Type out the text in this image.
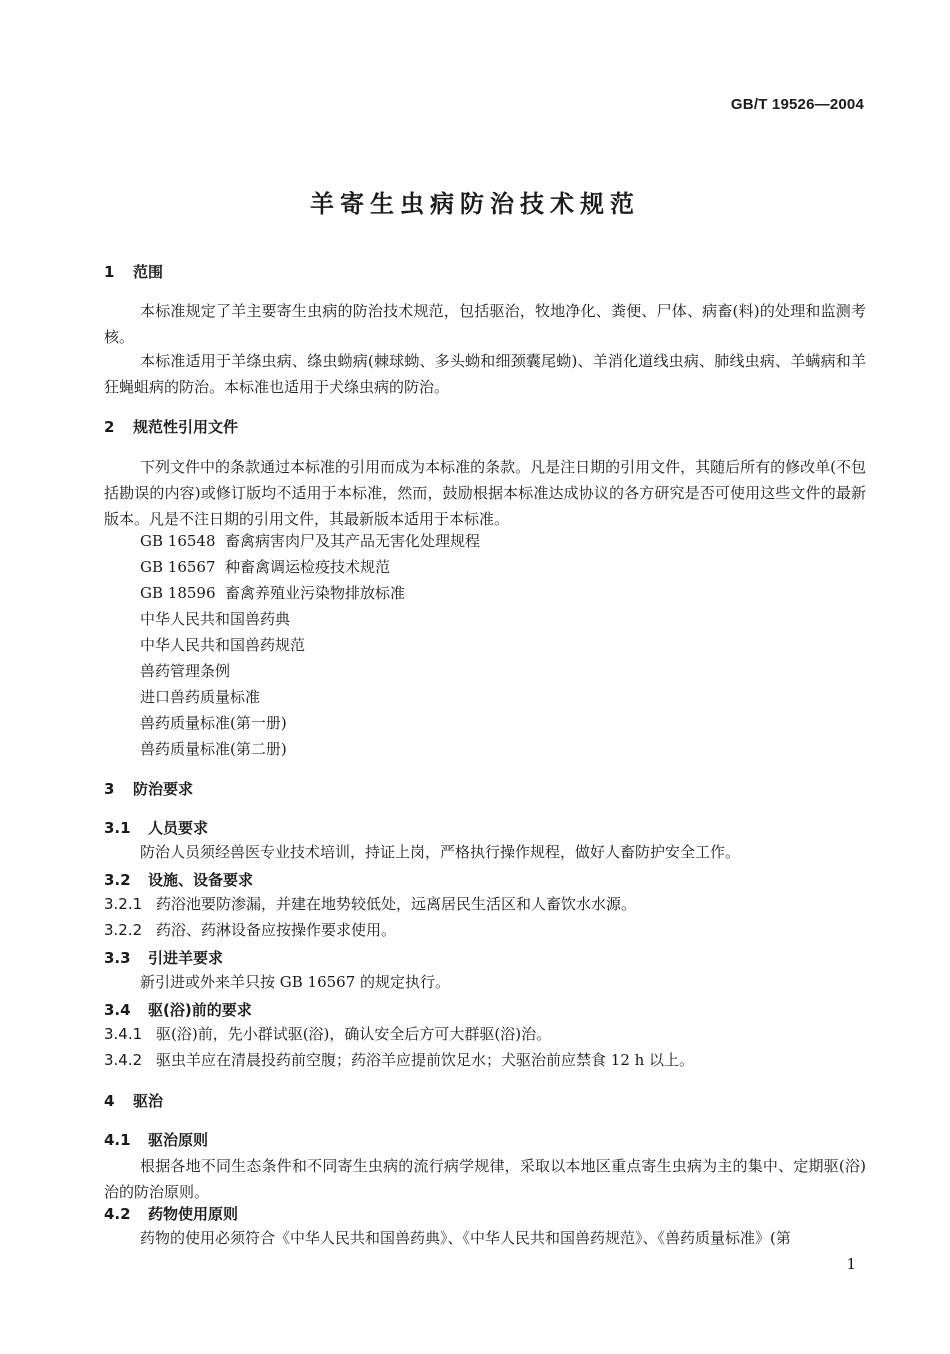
GB/T 19526—2004
羊寄生虫病防治技术规范
1 范围
本标准规定了羊主要寄生虫病的防治技术规范，包括驱治，牧地净化、粪便、尸体、病畜(料)的处理和监测考核。
本标准适用于羊绦虫病、绦虫蚴病(棘球蚴、多头蚴和细颈囊尾蚴)、羊消化道线虫病、肺线虫病、羊螨病和羊狂蝇蛆病的防治。本标准也适用于犬绦虫病的防治。
2 规范性引用文件
下列文件中的条款通过本标准的引用而成为本标准的条款。凡是注日期的引用文件，其随后所有的修改单(不包括勘误的内容)或修订版均不适用于本标准，然而，鼓励根据本标准达成协议的各方研究是否可使用这些文件的最新版本。凡是不注日期的引用文件，其最新版本适用于本标准。
GB 16548 畜禽病害肉尸及其产品无害化处理规程
GB 16567 种畜禽调运检疫技术规范
GB 18596 畜禽养殖业污染物排放标准
中华人民共和国兽药典
中华人民共和国兽药规范
兽药管理条例
进口兽药质量标准
兽药质量标准(第一册)
兽药质量标准(第二册)
3 防治要求
3.1 人员要求
防治人员须经兽医专业技术培训，持证上岗，严格执行操作规程，做好人畜防护安全工作。
3.2 设施、设备要求
3.2.1 药浴池要防渗漏，并建在地势较低处，远离居民生活区和人畜饮水水源。
3.2.2 药浴、药淋设备应按操作要求使用。
3.3 引进羊要求
新引进或外来羊只按 GB 16567 的规定执行。
3.4 驱(浴)前的要求
3.4.1 驱(浴)前，先小群试驱(浴)，确认安全后方可大群驱(浴)治。
3.4.2 驱虫羊应在清晨投药前空腹；药浴羊应提前饮足水；犬驱治前应禁食 12 h 以上。
4 驱治
4.1 驱治原则
根据各地不同生态条件和不同寄生虫病的流行病学规律，采取以本地区重点寄生虫病为主的集中、定期驱(浴)治的防治原则。
4.2 药物使用原则
药物的使用必须符合《中华人民共和国兽药典》、《中华人民共和国兽药规范》、《兽药质量标准》(第
1
